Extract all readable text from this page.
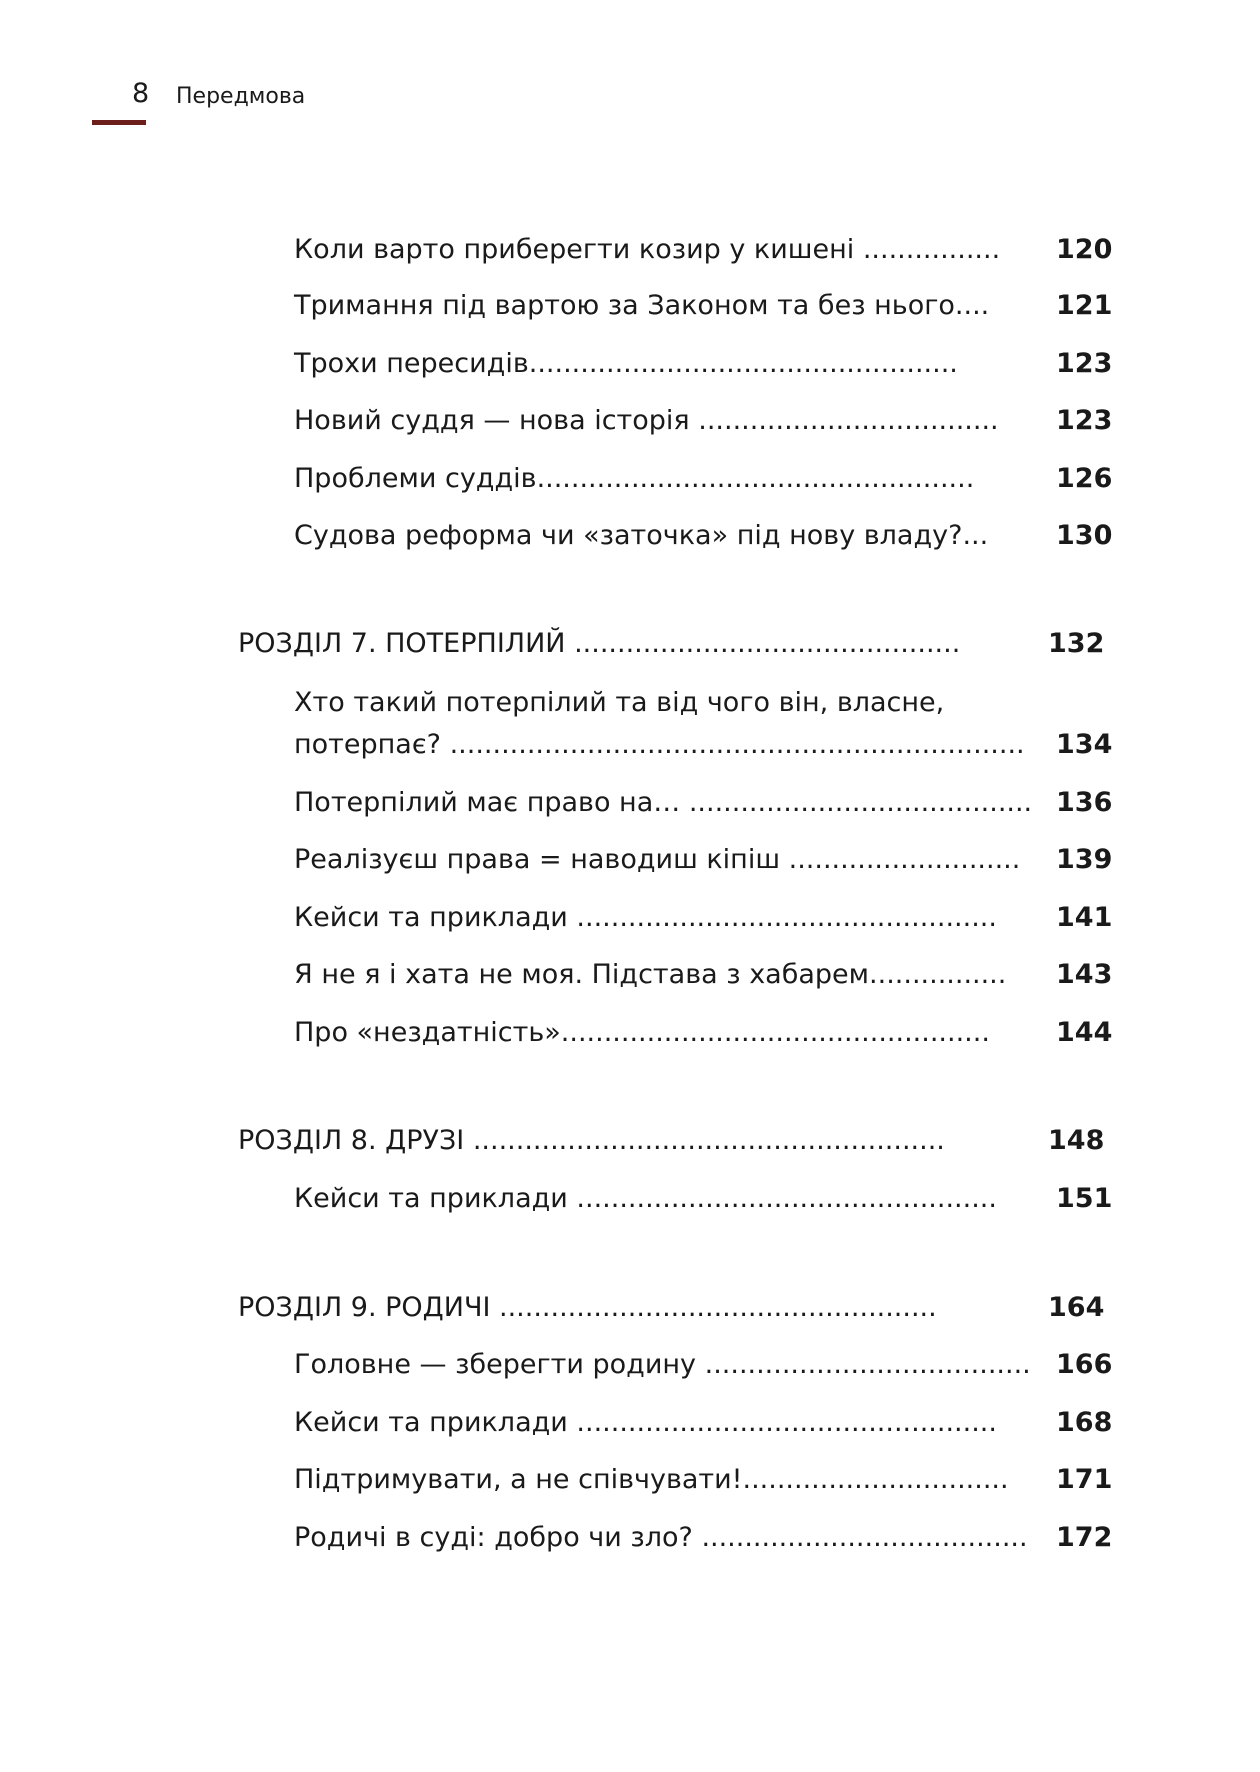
8 Передмова
Коли варто приберегти козир у кишені ................ 120
Тримання під вартою за Законом та без нього.... 121
Трохи пересидів..................................................	123
Новий суддя — нова історія ................................... 123
Проблеми суддів...................................................	126
Судова реформа чи «заточка» під нову владу?...	130
РОЗДІЛ 7. ПОТЕРПІЛИЙ .............................................	132
Хто такий потерпілий та від чого він, власне,
потерпає? ................................................................... 134
Потерпілий має право на… ........................................ 136
Реалізуєш права = наводиш кіпіш ........................... 139
Кейси та приклади ................................................. 141
Я не я і хата не моя. Підстава з хабарем................ 143
Про «нездатність».................................................. 144
РОЗДІЛ 8. ДРУЗІ .......................................................	148
Кейси та приклади ................................................. 151
РОЗДІЛ 9. РОДИЧІ ...................................................	164
Головне — зберегти родину ...................................... 166
Кейси та приклади ................................................. 168
Підтримувати, а не співчувати!............................... 171
Родичі в суді: добро чи зло? ...................................... 172
